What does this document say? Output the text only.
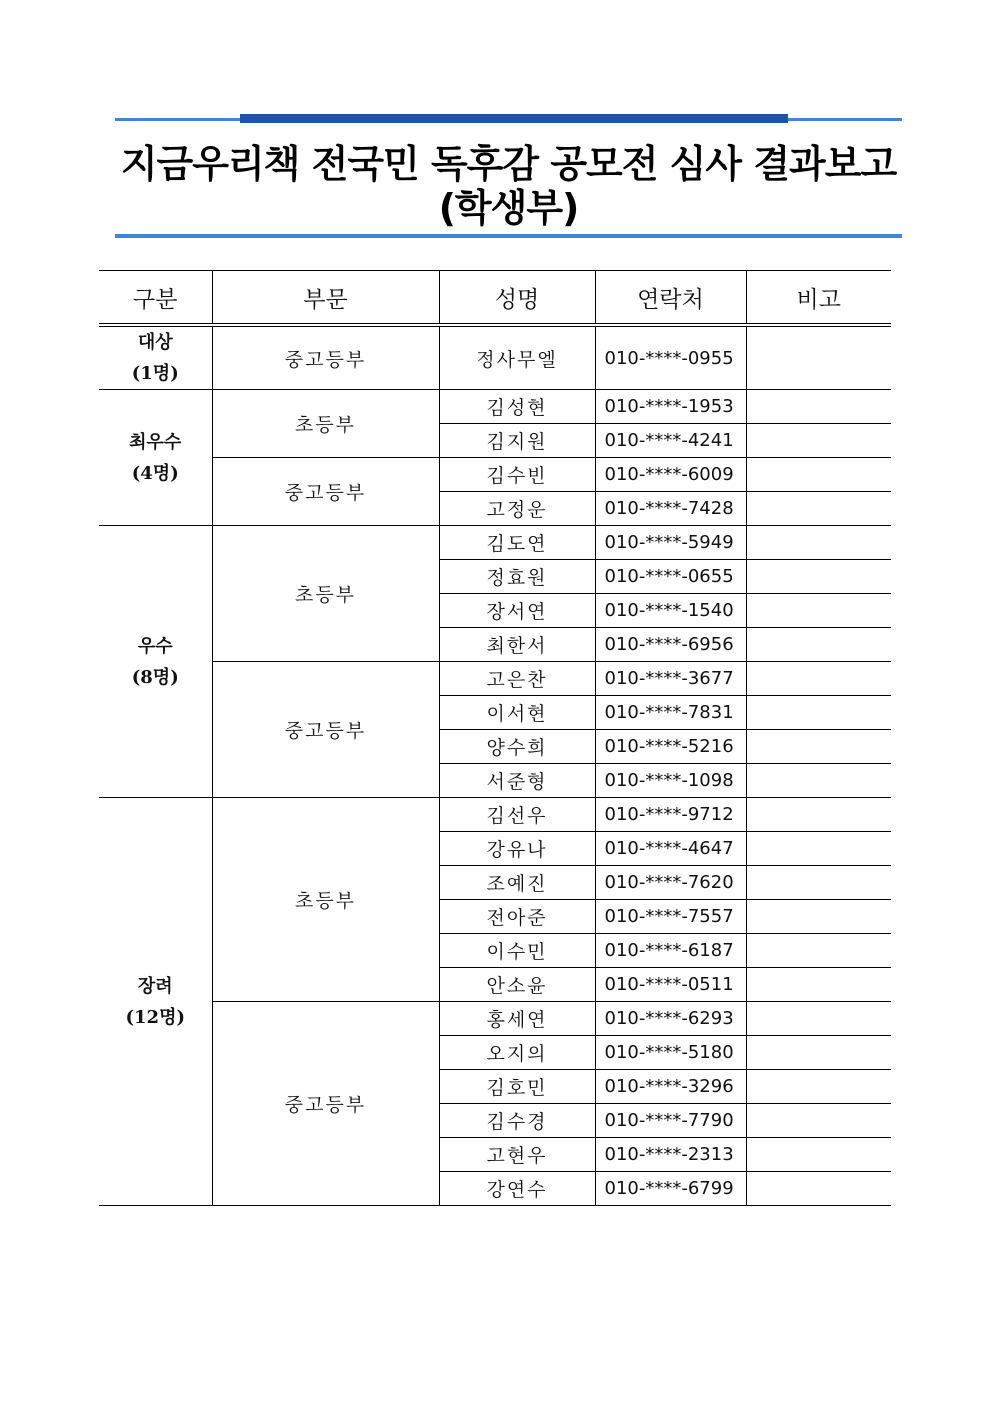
지금우리책 전국민 독후감 공모전 심사 결과보고
(학생부)
구분	부문	성명	연락처	비고

대상
(1명)	중고등부	정사무엘	010-****-0955	

최우수
(4명)	초등부	김성현	010-****-1953	
		김지원	010-****-4241	
	중고등부	김수빈	010-****-6009	
		고정운	010-****-7428	

우수
(8명)	초등부	김도연	010-****-5949	
		정효원	010-****-0655	
		장서연	010-****-1540	
		최한서	010-****-6956	
	중고등부	고은찬	010-****-3677	
		이서현	010-****-7831	
		양수희	010-****-5216	
		서준형	010-****-1098	

장려
(12명)	초등부	김선우	010-****-9712	
		강유나	010-****-4647	
		조예진	010-****-7620	
		전아준	010-****-7557	
		이수민	010-****-6187	
		안소윤	010-****-0511	
	중고등부	홍세연	010-****-6293	
		오지의	010-****-5180	
		김호민	010-****-3296	
		김수경	010-****-7790	
		고현우	010-****-2313	
		강연수	010-****-6799	
